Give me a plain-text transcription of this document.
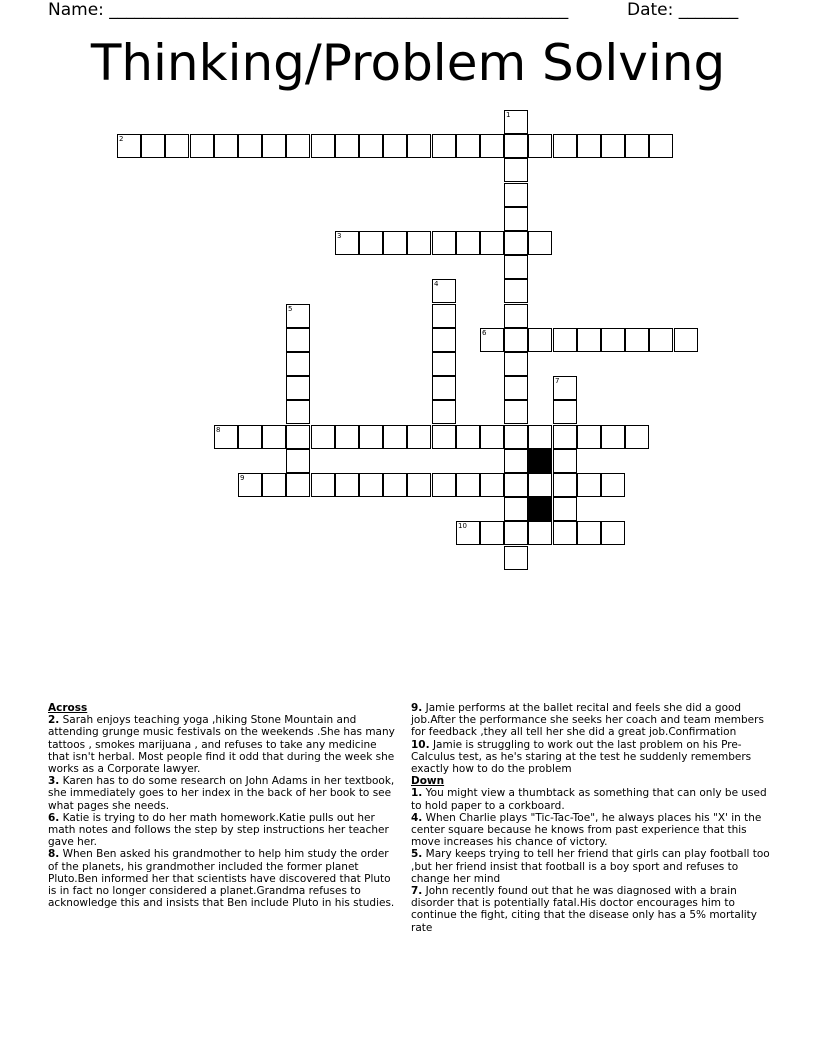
Name: ______________________________________________________	Date: _______
Thinking/Problem Solving
1
2
3
4
5
6
7
8
9
10
Across
2. Sarah enjoys teaching yoga ,hiking Stone Mountain and attending grunge music festivals on the weekends .She has many tattoos , smokes marijuana , and refuses to take any medicine that isn't herbal. Most people find it odd that during the week she works as a Corporate lawyer.
3. Karen has to do some research on John Adams in her textbook, she immediately goes to her index in the back of her book to see what pages she needs.
6. Katie is trying to do her math homework.Katie pulls out her math notes and follows the step by step instructions her teacher gave her.
8. When Ben asked his grandmother to help him study the order of the planets, his grandmother included the former planet Pluto.Ben informed her that scientists have discovered that Pluto is in fact no longer considered a planet.Grandma refuses to acknowledge this and insists that Ben include Pluto in his studies.
9. Jamie performs at the ballet recital and feels she did a good job.After the performance she seeks her coach and team members for feedback ,they all tell her she did a great job.Confirmation
10. Jamie is struggling to work out the last problem on his Pre-Calculus test, as he's staring at the test he suddenly remembers exactly how to do the problem
Down
1. You might view a thumbtack as something that can only be used to hold paper to a corkboard.
4. When Charlie plays "Tic-Tac-Toe", he always places his "X' in the center square because he knows from past experience that this move increases his chance of victory.
5. Mary keeps trying to tell her friend that girls can play football too ,but her friend insist that football is a boy sport and refuses to change her mind
7. John recently found out that he was diagnosed with a brain disorder that is potentially fatal.His doctor encourages him to continue the fight, citing that the disease only has a 5% mortality rate
